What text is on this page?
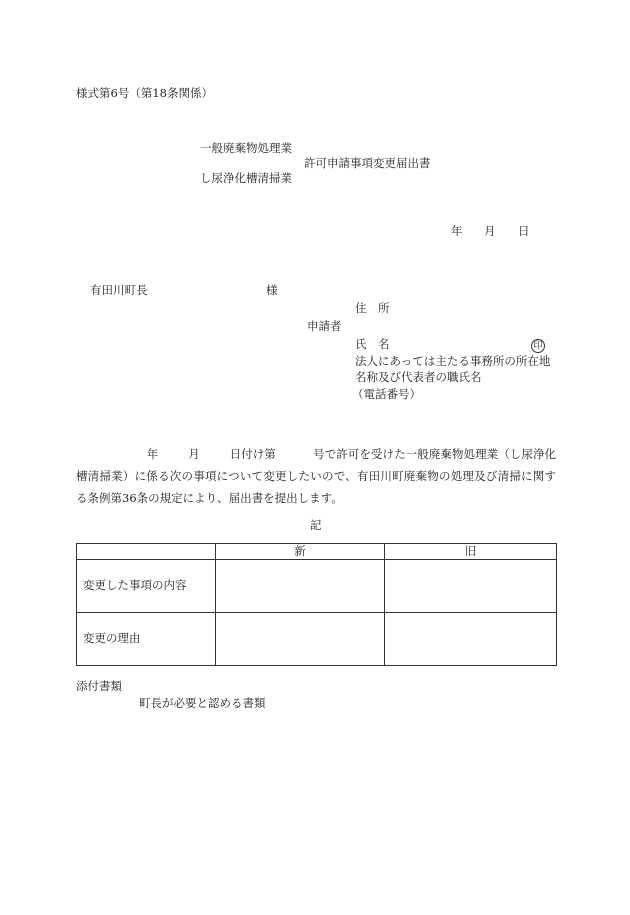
様式第6号（第18条関係）
一般廃棄物処理業
許可申請事項変更届出書
し尿浄化槽清掃業
年 月 日
有田川町長	様
住　所
申請者
氏　名	印
法人にあっては主たる事務所の所在地
名称及び代表者の職氏名
（電話番号）
年	月	日付け第	号で許可を受けた一般廃棄物処理業（し尿浄化槽清掃業）に係る次の事項について変更したいので、有田川町廃棄物の処理及び清掃に関する条例第36条の規定により、届出書を提出します。
記
	新	旧
変更した事項の内容		
変更の理由		
添付書類
町長が必要と認める書類
